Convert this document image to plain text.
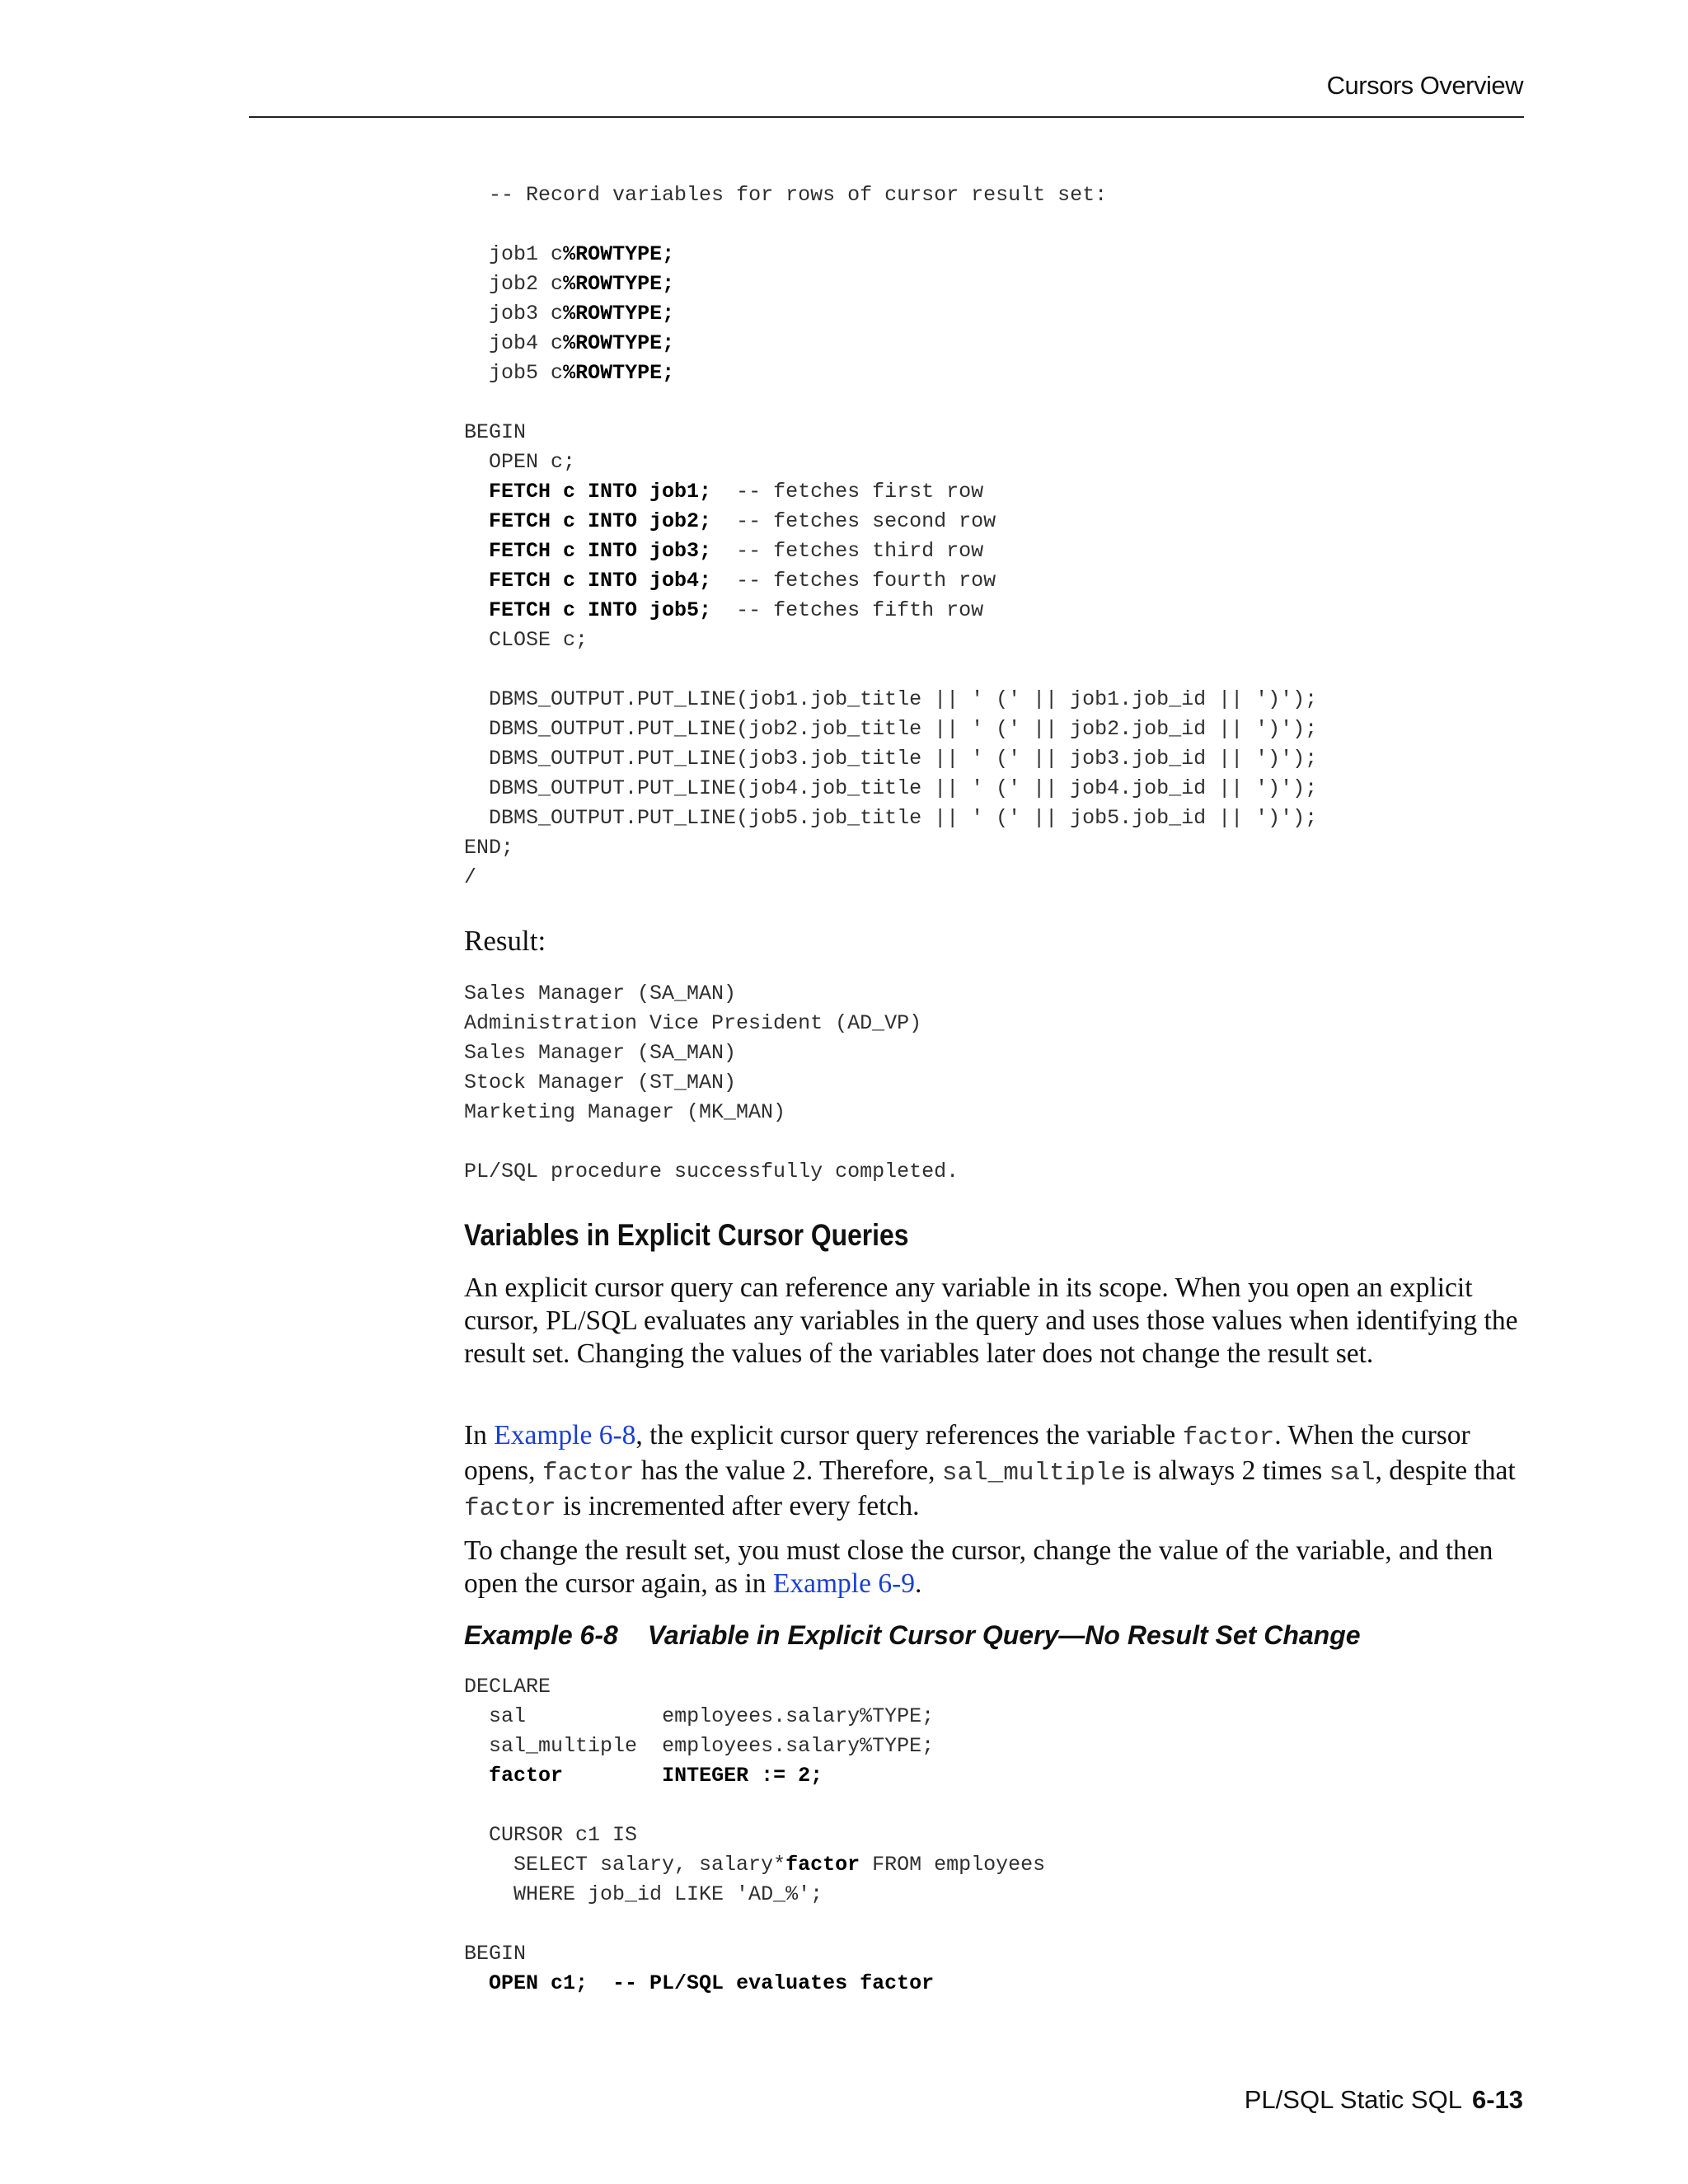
Cursors Overview
-- Record variables for rows of cursor result set:

job1 c%ROWTYPE;
job2 c%ROWTYPE;
job3 c%ROWTYPE;
job4 c%ROWTYPE;
job5 c%ROWTYPE;

BEGIN
OPEN c;
FETCH c INTO job1; -- fetches first row
FETCH c INTO job2; -- fetches second row
FETCH c INTO job3; -- fetches third row
FETCH c INTO job4; -- fetches fourth row
FETCH c INTO job5; -- fetches fifth row
CLOSE c;

DBMS_OUTPUT.PUT_LINE(job1.job_title || ' (' || job1.job_id || ')');
DBMS_OUTPUT.PUT_LINE(job2.job_title || ' (' || job2.job_id || ')');
DBMS_OUTPUT.PUT_LINE(job3.job_title || ' (' || job3.job_id || ')');
DBMS_OUTPUT.PUT_LINE(job4.job_title || ' (' || job4.job_id || ')');
DBMS_OUTPUT.PUT_LINE(job5.job_title || ' (' || job5.job_id || ')');
END;
/
Result:
Sales Manager (SA_MAN)
Administration Vice President (AD_VP)
Sales Manager (SA_MAN)
Stock Manager (ST_MAN)
Marketing Manager (MK_MAN)

PL/SQL procedure successfully completed.
Variables in Explicit Cursor Queries

An explicit cursor query can reference any variable in its scope. When you open an explicit cursor, PL/SQL evaluates any variables in the query and uses those values when identifying the result set. Changing the values of the variables later does not change the result set.

In Example 6-8, the explicit cursor query references the variable factor. When the cursor opens, factor has the value 2. Therefore, sal_multiple is always 2 times sal, despite that factor is incremented after every fetch.

To change the result set, you must close the cursor, change the value of the variable, and then open the cursor again, as in Example 6-9.

Example 6-8 Variable in Explicit Cursor Query—No Result Set Change
DECLARE
sal	employees.salary%TYPE;
sal_multiple employees.salary%TYPE;
factor	INTEGER := 2;

CURSOR c1 IS
SELECT salary, salary*factor FROM employees
WHERE job_id LIKE 'AD_%';

BEGIN
OPEN c1;  -- PL/SQL evaluates factor
PL/SQL Static SQL 6-13
